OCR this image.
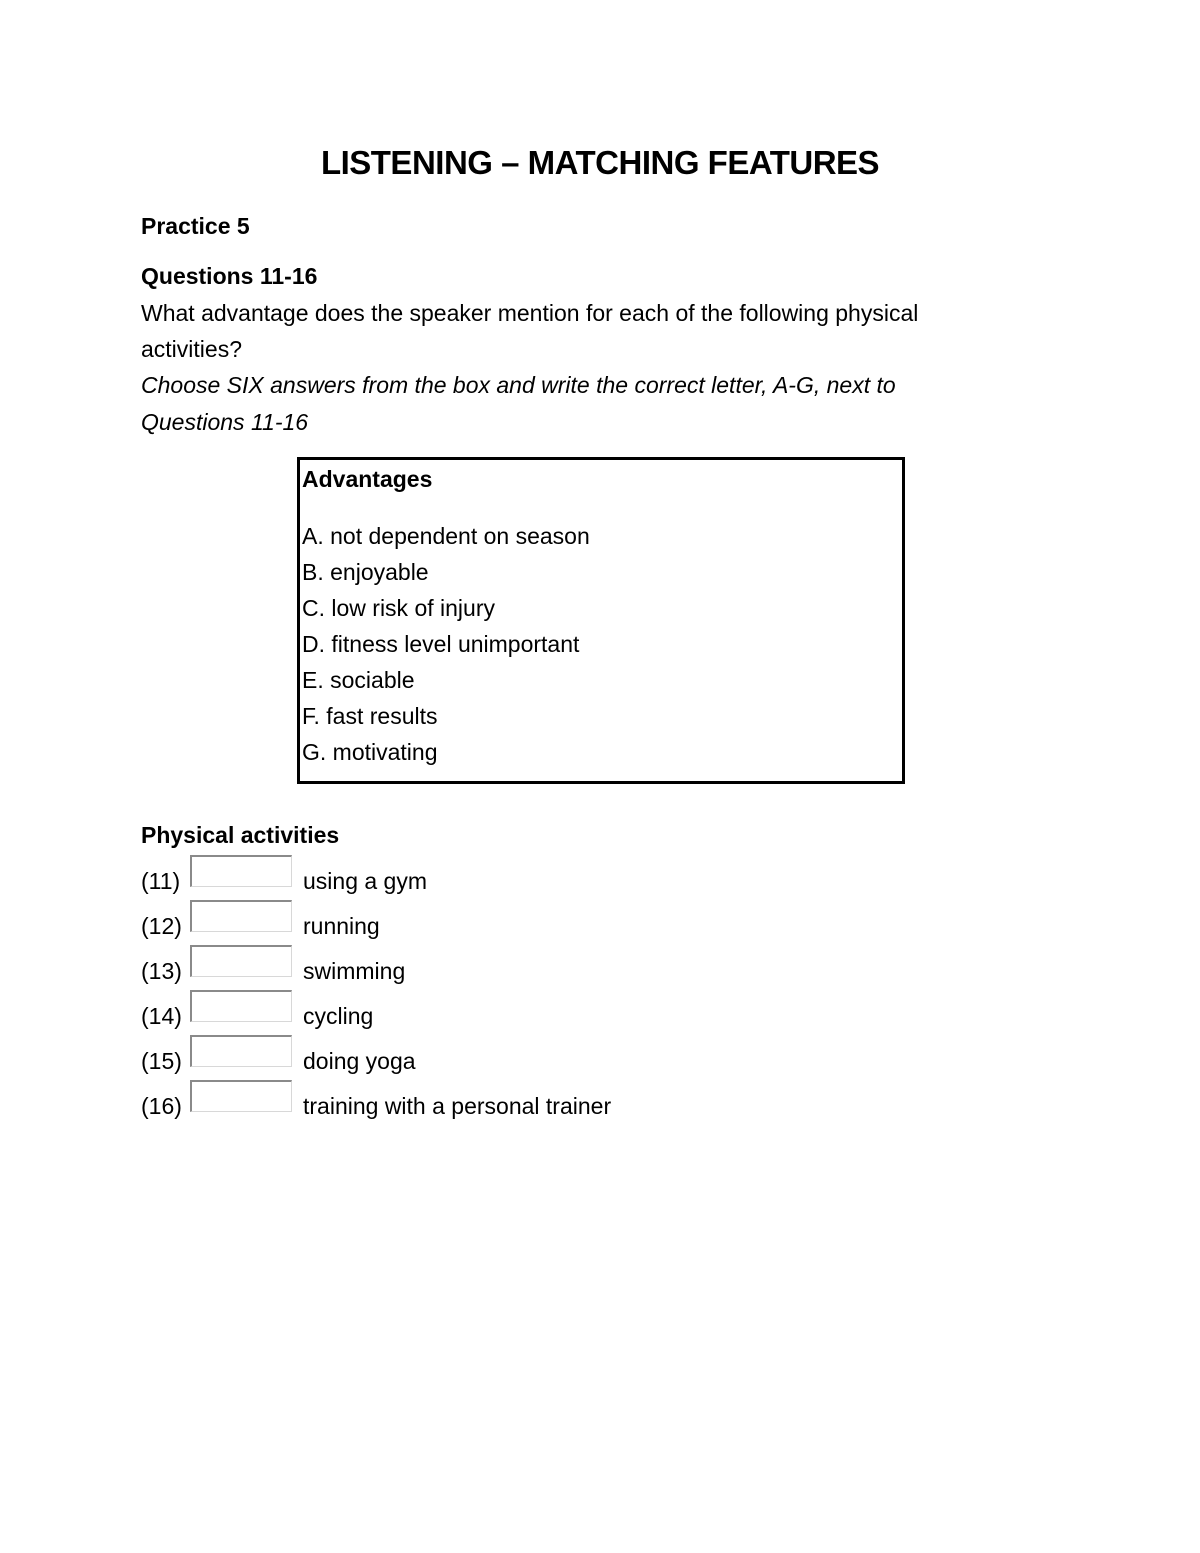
LISTENING – MATCHING FEATURES
Practice 5
Questions 11-16
What advantage does the speaker mention for each of the following physical
activities?
Choose SIX answers from the box and write the correct letter, A-G, next to
Questions 11-16
Advantages
A. not dependent on season
B. enjoyable
C. low risk of injury
D. fitness level unimportant
E. sociable
F. fast results
G. motivating
Physical activities
(11)	using a gym
(12)	running
(13)	swimming
(14)	cycling
(15)	doing yoga
(16)	training with a personal trainer
